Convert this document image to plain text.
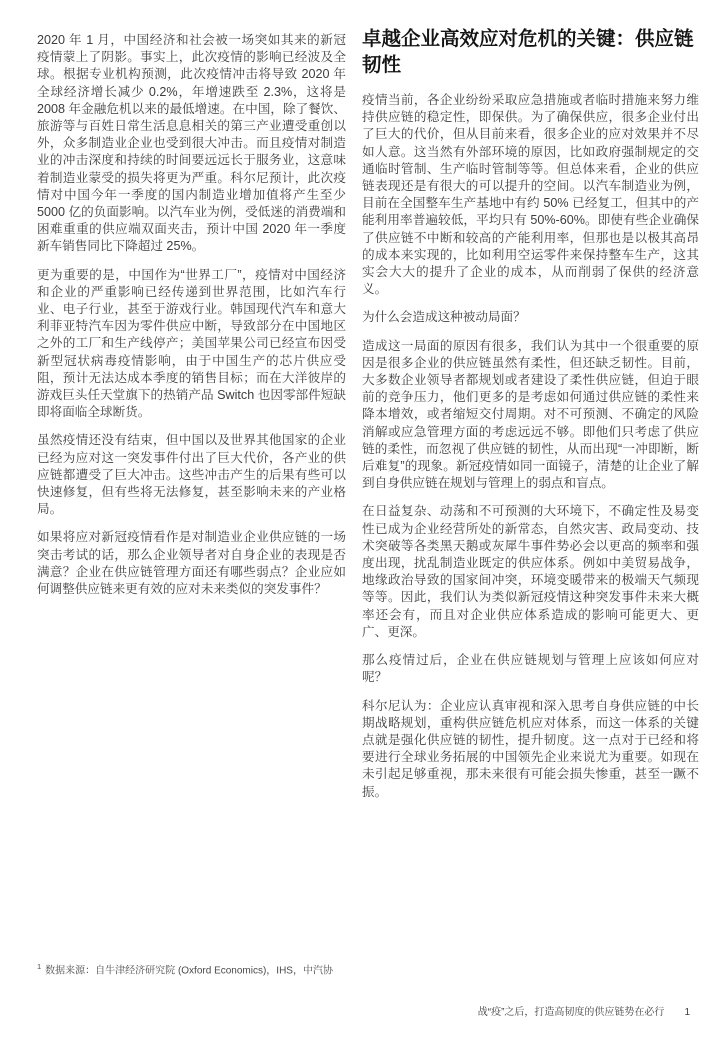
2020 年 1 月，中国经济和社会被一场突如其来的新冠疫情蒙上了阴影。事实上，此次疫情的影响已经波及全球。根据专业机构预测，此次疫情冲击将导致 2020 年全球经济增长减少 0.2%，年增速跌至 2.3%，这将是 2008 年金融危机以来的最低增速。在中国，除了餐饮、旅游等与百姓日常生活息息相关的第三产业遭受重创以外，众多制造业企业也受到很大冲击。而且疫情对制造业的冲击深度和持续的时间要远远长于服务业，这意味着制造业蒙受的损失将更为严重。科尔尼预计，此次疫情对中国今年一季度的国内制造业增加值将产生至少 5000 亿的负面影响。以汽车业为例，受低迷的消费端和困难重重的供应端双面夹击，预计中国 2020 年一季度新车销售同比下降超过 25%。

更为重要的是，中国作为“世界工厂”，疫情对中国经济和企业的严重影响已经传递到世界范围，比如汽车行业、电子行业，甚至于游戏行业。韩国现代汽车和意大利菲亚特汽车因为零件供应中断，导致部分在中国地区之外的工厂和生产线停产；美国苹果公司已经宣布因受新型冠状病毒疫情影响，由于中国生产的芯片供应受阻，预计无法达成本季度的销售目标；而在大洋彼岸的游戏巨头任天堂旗下的热销产品 Switch 也因零部件短缺即将面临全球断货。

虽然疫情还没有结束，但中国以及世界其他国家的企业已经为应对这一突发事件付出了巨大代价，各产业的供应链都遭受了巨大冲击。这些冲击产生的后果有些可以快速修复，但有些将无法修复，甚至影响未来的产业格局。

如果将应对新冠疫情看作是对制造业企业供应链的一场突击考试的话，那么企业领导者对自身企业的表现是否满意？企业在供应链管理方面还有哪些弱点？企业应如何调整供应链来更有效的应对未来类似的突发事件？

卓越企业高效应对危机的关键：供应链韧性

疫情当前，各企业纷纷采取应急措施或者临时措施来努力维持供应链的稳定性，即保供。为了确保供应，很多企业付出了巨大的代价，但从目前来看，很多企业的应对效果并不尽如人意。这当然有外部环境的原因，比如政府强制规定的交通临时管制、生产临时管制等等。但总体来看，企业的供应链表现还是有很大的可以提升的空间。以汽车制造业为例，目前在全国整车生产基地中有约 50% 已经复工，但其中的产能利用率普遍较低，平均只有 50%-60%。即使有些企业确保了供应链不中断和较高的产能利用率，但那也是以极其高昂的成本来实现的，比如利用空运零件来保持整车生产，这其实会大大的提升了企业的成本，从而削弱了保供的经济意义。

为什么会造成这种被动局面？

造成这一局面的原因有很多，我们认为其中一个很重要的原因是很多企业的供应链虽然有柔性，但还缺乏韧性。目前，大多数企业领导者都规划或者建设了柔性供应链，但迫于眼前的竞争压力，他们更多的是考虑如何通过供应链的柔性来降本增效，或者缩短交付周期。对不可预测、不确定的风险消解或应急管理方面的考虑远远不够。即他们只考虑了供应链的柔性，而忽视了供应链的韧性，从而出现“一冲即断，断后难复”的现象。新冠疫情如同一面镜子，清楚的让企业了解到自身供应链在规划与管理上的弱点和盲点。

在日益复杂、动荡和不可预测的大环境下，不确定性及易变性已成为企业经营所处的新常态，自然灾害、政局变动、技术突破等各类黑天鹅或灰犀牛事件势必会以更高的频率和强度出现，扰乱制造业既定的供应体系。例如中美贸易战争，地缘政治导致的国家间冲突，环境变暖带来的极端天气频现等等。因此，我们认为类似新冠疫情这种突发事件未来大概率还会有，而且对企业供应体系造成的影响可能更大、更广、更深。

那么疫情过后，企业在供应链规划与管理上应该如何应对呢？

科尔尼认为：企业应认真审视和深入思考自身供应链的中长期战略规划，重构供应链危机应对体系，而这一体系的关键点就是强化供应链的韧性，提升韧度。这一点对于已经和将要进行全球业务拓展的中国领先企业来说尤为重要。如现在未引起足够重视，那未来很有可能会损失惨重，甚至一蹶不振。

$^1$ 数据来源：自牛津经济研究院 (Oxford Economics)，IHS，中汽协
战“疫”之后，打造高韧度的供应链势在必行 1
